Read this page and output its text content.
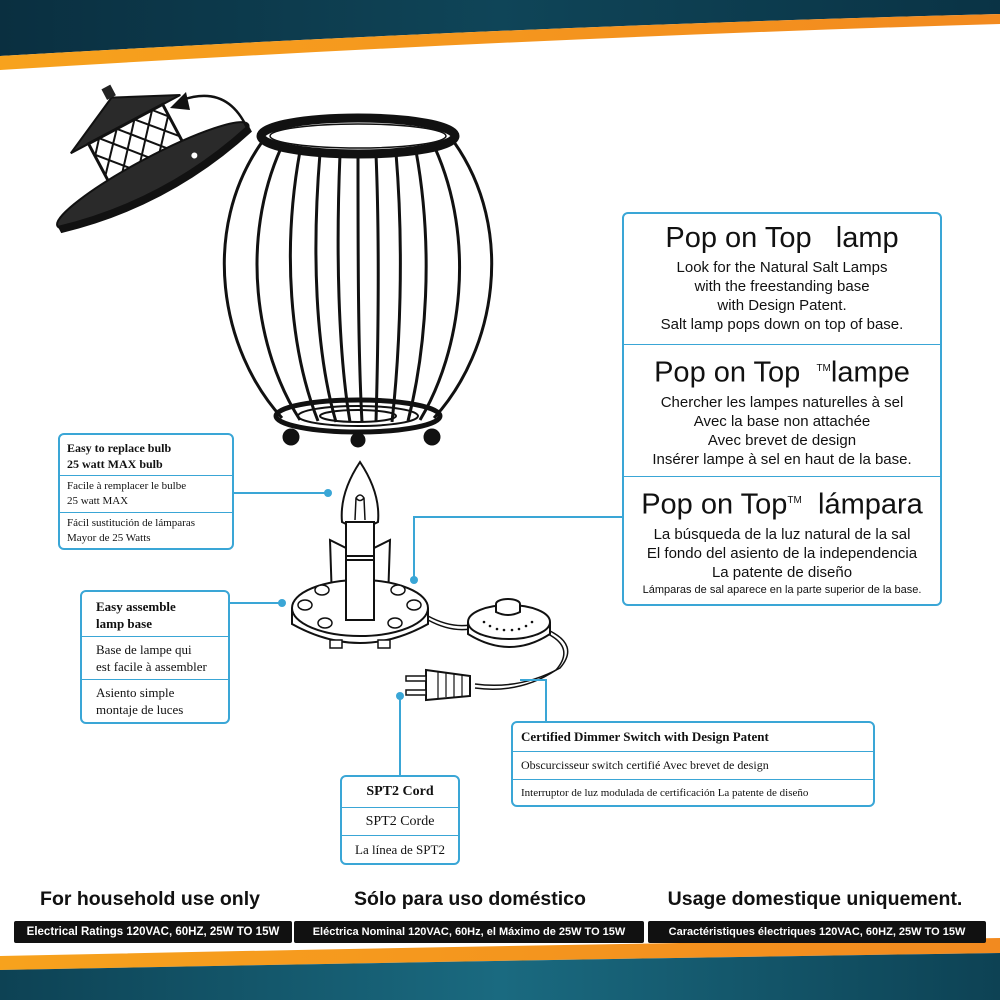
Pop on Top lamp
Look for the Natural Salt Lamps
with the freestanding base
with Design Patent.
Salt lamp pops down on top of base.
Pop on Top ™lampe
Chercher les lampes naturelles à sel
Avec la base non attachée
Avec brevet de design
Insérer lampe à sel en haut de la base.
Pop on Top™ lámpara
La búsqueda de la luz natural de la sal
El fondo del asiento de la independencia
La patente de diseño
Lámparas de sal aparece en la parte superior de la base.
Easy to replace bulb
25 watt MAX bulb
Facile à remplacer le bulbe
25 watt MAX
Fácil sustitución de lámparas
Mayor de 25 Watts
Easy assemble
lamp base
Base de lampe qui
est facile à assembler
Asiento simple
montaje de luces
SPT2 Cord
SPT2 Corde
La línea de SPT2
Certified Dimmer Switch with Design Patent
Obscurcisseur switch certifié Avec brevet de design
Interruptor de luz modulada de certificación La patente de diseño
For household use only	Sólo para uso doméstico	Usage domestique uniquement.
Electrical Ratings 120VAC, 60HZ, 25W TO 15W	Eléctrica Nominal 120VAC, 60Hz, el Máximo de 25W TO 15W	Caractéristiques électriques 120VAC, 60HZ, 25W TO 15W
